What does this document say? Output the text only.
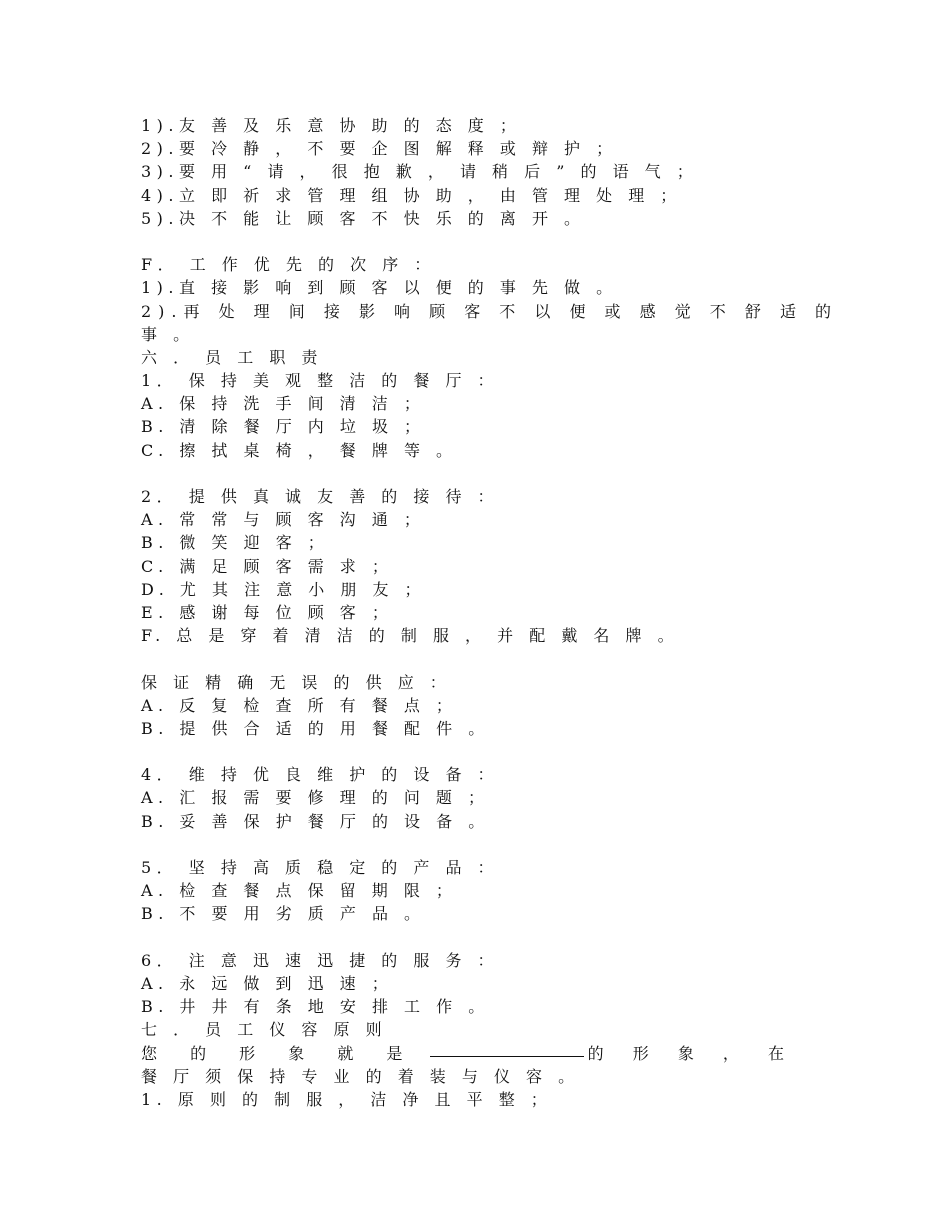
1).友 善 及 乐 意 协 助 的 态 度 ；
2).要 冷 静 ， 不 要 企 图 解 释 或 辩 护 ；
3).要 用 “ 请 ， 很 抱 歉 ， 请 稍 后 ” 的 语 气 ；
4).立 即 祈 求 管 理 组 协 助 ， 由 管 理 处 理 ；
5).决 不 能 让 顾 客 不 快 乐 的 离 开 。
F． 工 作 优 先 的 次 序 ：
1).直 接 影 响 到 顾 客 以 便 的 事 先 做 。
2).再 处 理 间 接 影 响 顾 客 不 以 便 或 感 觉 不 舒 适 的
事 。
六 ． 员 工 职 责
1． 保 持 美 观 整 洁 的 餐 厅 ：
A. 保 持 洗 手 间 清 洁 ；
B. 清 除 餐 厅 内 垃 圾 ；
C. 擦 拭 桌 椅 ， 餐 牌 等 。
2． 提 供 真 诚 友 善 的 接 待 ：
A. 常 常 与 顾 客 沟 通 ；
B. 微 笑 迎 客 ；
C. 满 足 顾 客 需 求 ；
D. 尤 其 注 意 小 朋 友 ；
E. 感 谢 每 位 顾 客 ；
F. 总 是 穿 着 清 洁 的 制 服 ， 并 配 戴 名 牌 。
保 证 精 确 无 误 的 供 应 ：
A. 反 复 检 查 所 有 餐 点 ；
B. 提 供 合 适 的 用 餐 配 件 。
4． 维 持 优 良 维 护 的 设 备 ：
A. 汇 报 需 要 修 理 的 问 题 ；
B. 妥 善 保 护 餐 厅 的 设 备 。
5． 坚 持 高 质 稳 定 的 产 品 ：
A. 检 查 餐 点 保 留 期 限 ；
B. 不 要 用 劣 质 产 品 。
6． 注 意 迅 速 迅 捷 的 服 务 ：
A. 永 远 做 到 迅 速 ；
B. 井 井 有 条 地 安 排 工 作 。
七 ． 员 工 仪 容 原 则
您 的 形 象 就 是	的 形 象 ， 在
餐 厅 须 保 持 专 业 的 着 装 与 仪 容 。
1. 原 则 的 制 服 ， 洁 净 且 平 整 ；
